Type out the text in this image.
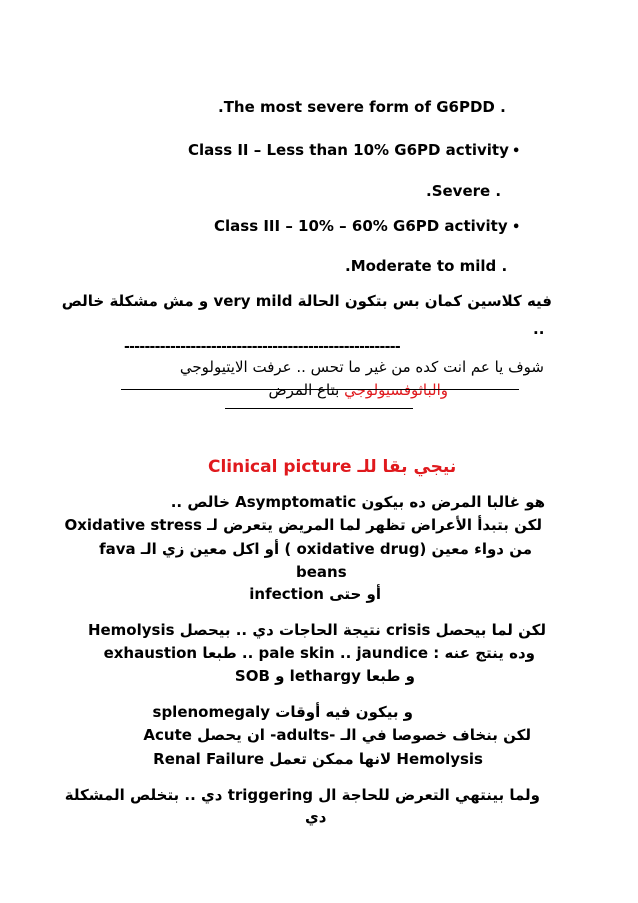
.The most severe form of G6PDD .
•
Class II – Less than 10% G6PD activity
.Severe .
•
Class III – 10% – 60% G6PD activity
.Moderate to mild .
فيه كلاسين كمان بس بتكون الحالة very mild و مش مشكلة خالص
..
------------------------------------------------------
شوف يا عم انت كده من غير ما تحس .. عرفت الايتيولوجي
والباثوفسيولوجي بتاع المرض
Clinical picture نيجي بقا للـ
هو غالبا المرض ده بيكون Asymptomatic خالص ..
لكن بتبدأ الأعراض تظهر لما المريض يتعرض لـ Oxidative stress
من دواء معين (oxidative drug ) أو اكل معين زي الـ fava
beans
أو حتى infection
لكن لما بيحصل crisis نتيجة الحاجات دي .. بيحصل Hemolysis
وده ينتج عنه : pale skin .. jaundice .. طبعا exhaustion
و طبعا lethargy و SOB
و بيكون فيه أوقات splenomegaly
لكن بنخاف خصوصا في الـ -adults- ان يحصل Acute
Renal Failure لانها ممكن تعمل Hemolysis
ولما بينتهي التعرض للحاجة ال triggering دي .. بتخلص المشكلة
دي
